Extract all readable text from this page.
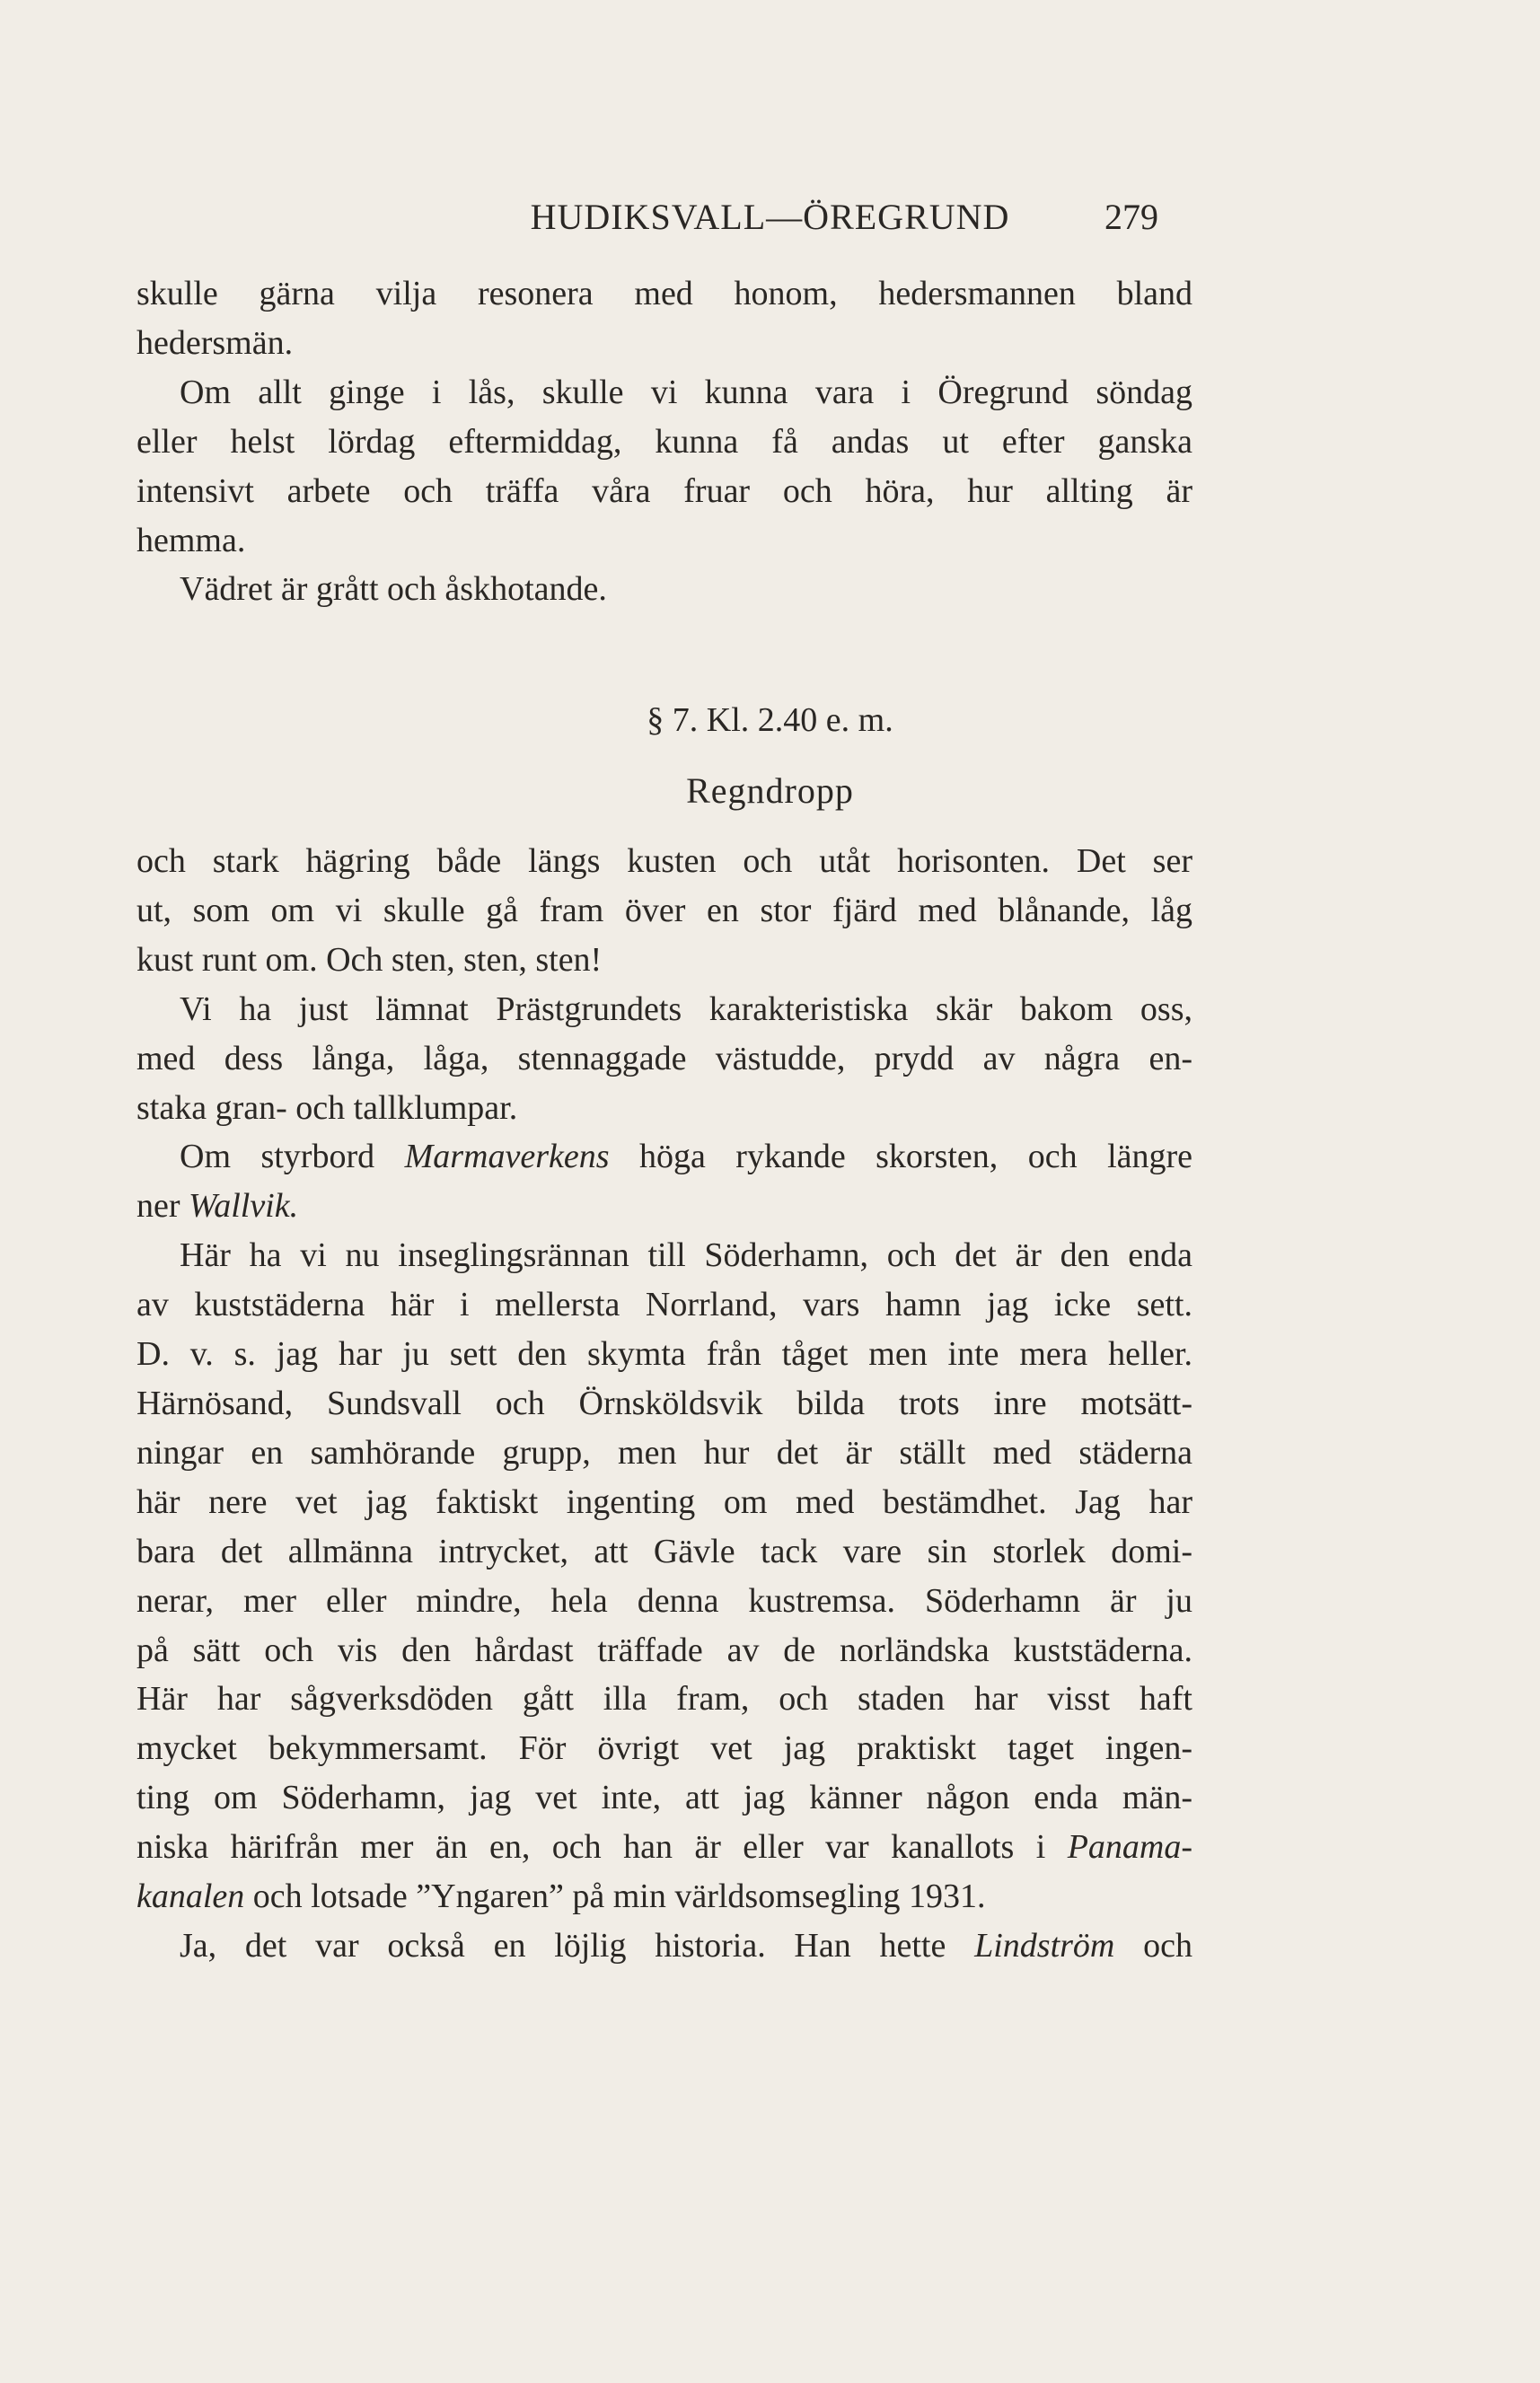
HUDIKSVALL—ÖREGRUND	279

skulle gärna vilja resonera med honom, hedersmannen bland

hedersmän.

Om allt ginge i lås, skulle vi kunna vara i Öregrund söndag

eller helst lördag eftermiddag, kunna få andas ut efter ganska

intensivt arbete och träffa våra fruar och höra, hur allting är

hemma.

Vädret är grått och åskhotande.

§ 7. Kl. 2.40 e. m.
Regndropp

och stark hägring både längs kusten och utåt horisonten. Det ser

ut, som om vi skulle gå fram över en stor fjärd med blånande, låg

kust runt om. Och sten, sten, sten!

Vi ha just lämnat Prästgrundets karakteristiska skär bakom oss,

med dess långa, låga, stennaggade västudde, prydd av några en-

staka gran- och tallklumpar.

Om styrbord Marmaverkens höga rykande skorsten, och längre

ner Wallvik.

Här ha vi nu inseglingsrännan till Söderhamn, och det är den enda

av kuststäderna här i mellersta Norrland, vars hamn jag icke sett.

D. v. s. jag har ju sett den skymta från tåget men inte mera heller.

Härnösand, Sundsvall och Örnsköldsvik bilda trots inre motsätt-

ningar en samhörande grupp, men hur det är ställt med städerna

här nere vet jag faktiskt ingenting om med bestämdhet. Jag har

bara det allmänna intrycket, att Gävle tack vare sin storlek domi-

nerar, mer eller mindre, hela denna kustremsa. Söderhamn är ju

på sätt och vis den hårdast träffade av de norländska kuststäderna.

Här har sågverksdöden gått illa fram, och staden har visst haft

mycket bekymmersamt. För övrigt vet jag praktiskt taget ingen-

ting om Söderhamn, jag vet inte, att jag känner någon enda män-

niska härifrån mer än en, och han är eller var kanallots i Panama-

kanalen och lotsade ”Yngaren” på min världsomsegling 1931.

Ja, det var också en löjlig historia. Han hette Lindström och
